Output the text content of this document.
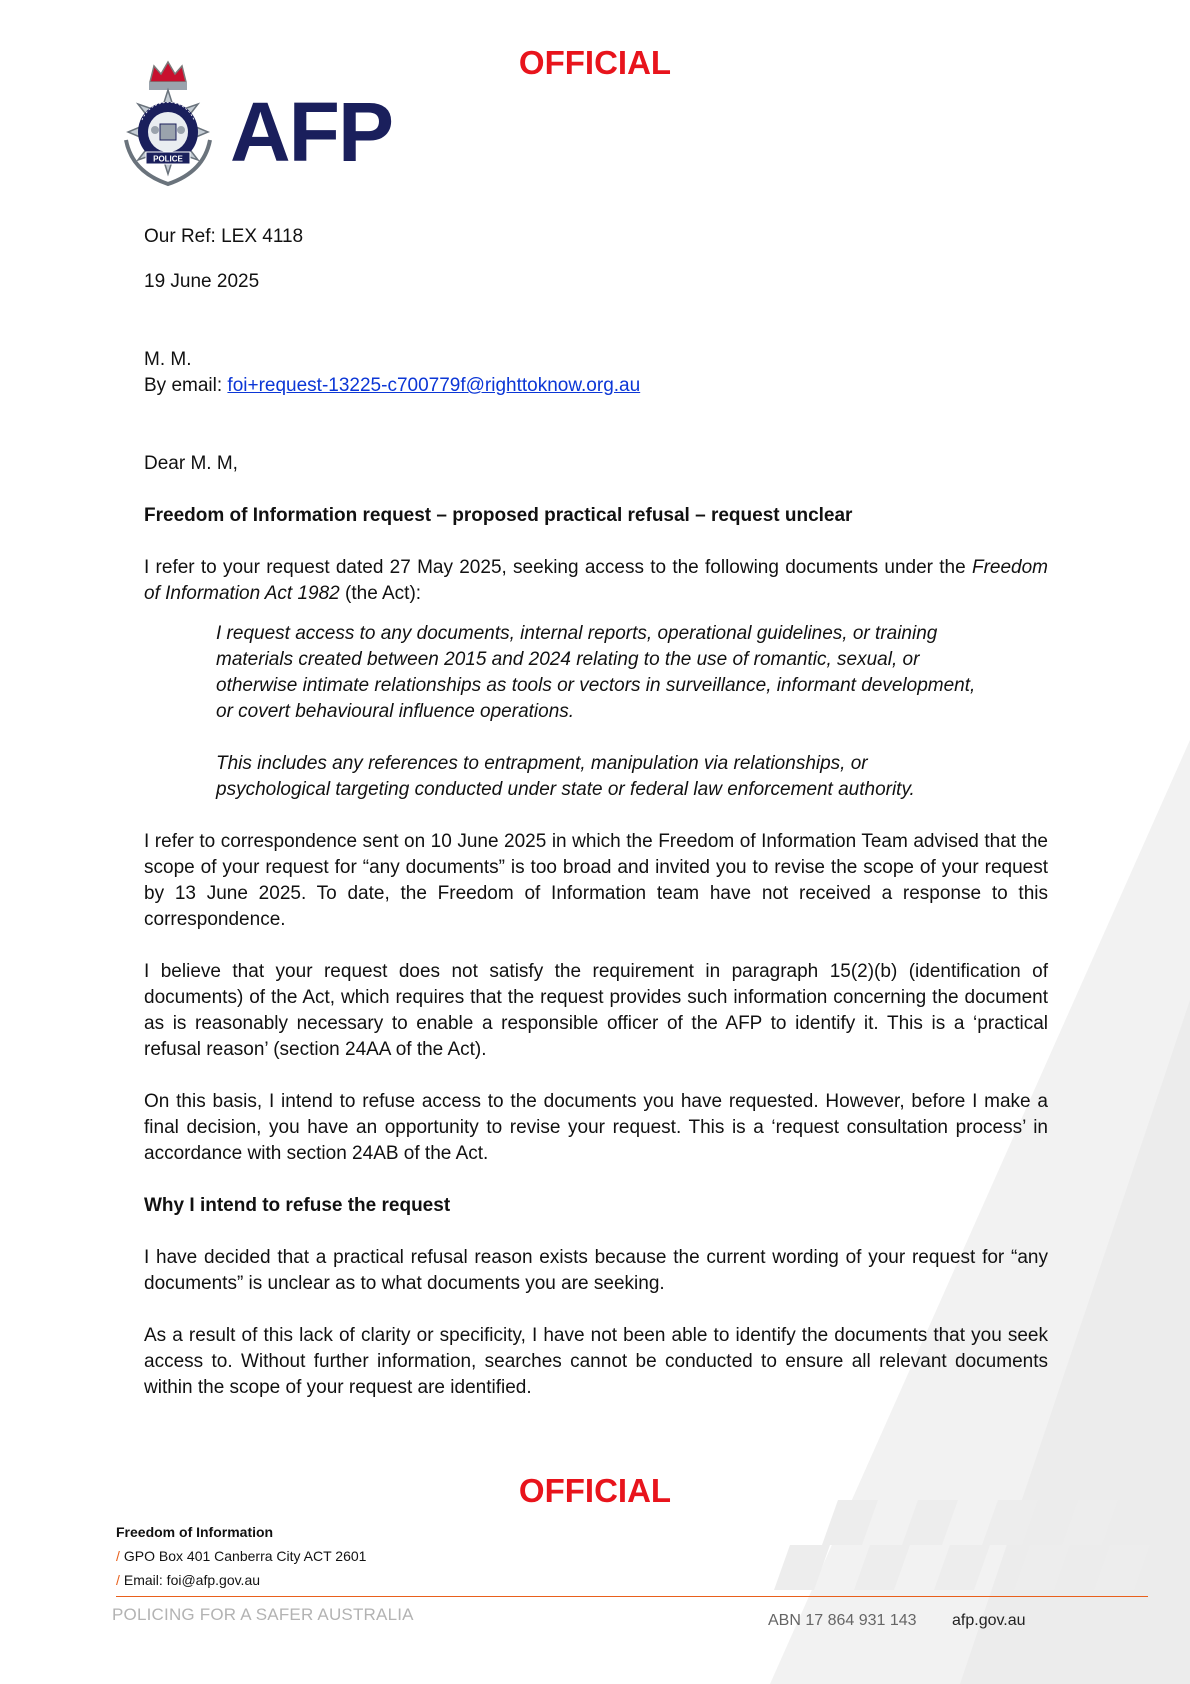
OFFICIAL
POLICE AFP

Our Ref: LEX 4118

19 June 2025

M. M.

By email: foi+request-13225-c700779f@righttoknow.org.au

Dear M. M,

Freedom of Information request – proposed practical refusal – request unclear

I refer to your request dated 27 May 2025, seeking access to the following documents under the Freedom of Information Act 1982 (the Act):

I request access to any documents, internal reports, operational guidelines, or training materials created between 2015 and 2024 relating to the use of romantic, sexual, or otherwise intimate relationships as tools or vectors in surveillance, informant development, or covert behavioural influence operations.

This includes any references to entrapment, manipulation via relationships, or psychological targeting conducted under state or federal law enforcement authority.

I refer to correspondence sent on 10 June 2025 in which the Freedom of Information Team advised that the scope of your request for “any documents” is too broad and invited you to revise the scope of your request by 13 June 2025. To date, the Freedom of Information team have not received a response to this correspondence.

I believe that your request does not satisfy the requirement in paragraph 15(2)(b) (identification of documents) of the Act, which requires that the request provides such information concerning the document as is reasonably necessary to enable a responsible officer of the AFP to identify it. This is a ‘practical refusal reason’ (section 24AA of the Act).

On this basis, I intend to refuse access to the documents you have requested. However, before I make a final decision, you have an opportunity to revise your request. This is a ‘request consultation process’ in accordance with section 24AB of the Act.

Why I intend to refuse the request

I have decided that a practical refusal reason exists because the current wording of your request for “any documents” is unclear as to what documents you are seeking.

As a result of this lack of clarity or specificity, I have not been able to identify the documents that you seek access to. Without further information, searches cannot be conducted to ensure all relevant documents within the scope of your request are identified.

OFFICIAL
Freedom of Information
/ GPO Box 401 Canberra City ACT 2601
/ Email: foi@afp.gov.au
POLICING FOR A SAFER AUSTRALIA	ABN 17 864 931 143 afp.gov.au
